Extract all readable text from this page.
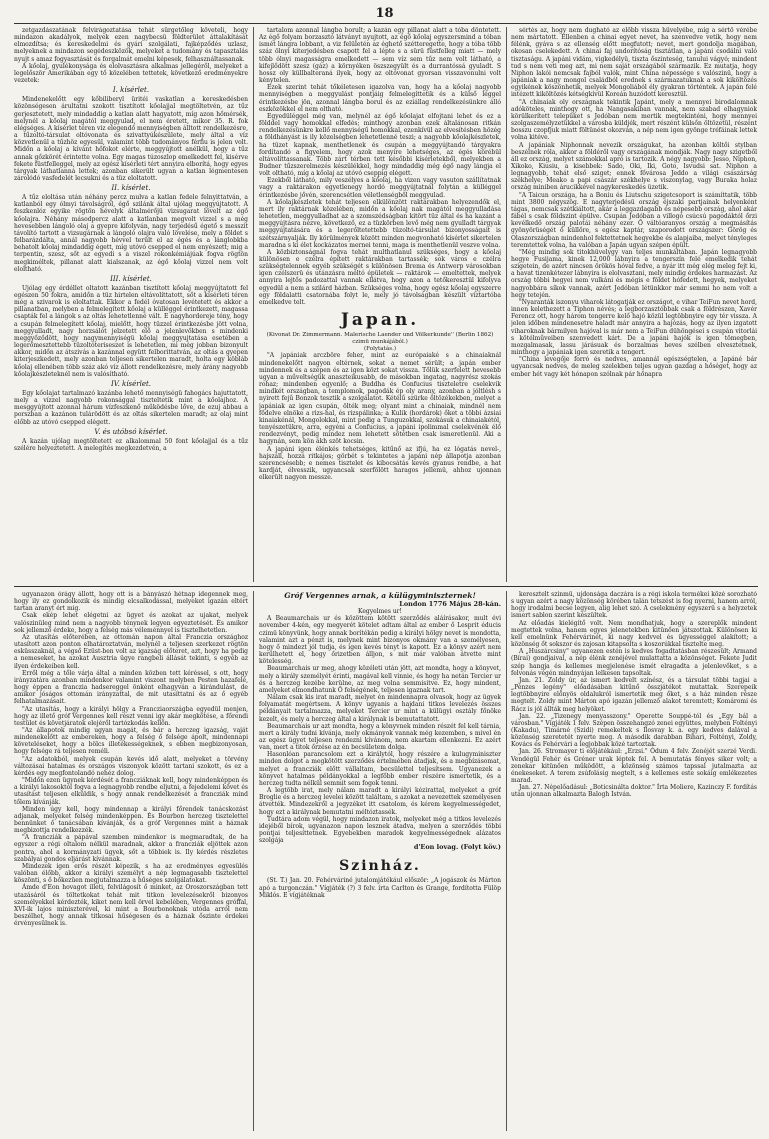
18

zetgazdászatának felvirágoztatása tehát sürgetőleg követeli, hogy mindazon akadályok, melyek ezen nagybecsü földterület áttalakítását elmozdítsa; és kereskedelmi és gyári szolgálati, fajképződés uzlasz, melyeknek a mindazon segédeszközök, melyeket a tudomány és tapasztalás nyujt s amaz fogyasztását és forgalmát emelni képesek, felhasználtassanak.

A kőolaj, gyulékonysága és elolvasztásra alkalmas jellegéről, melyeket a legelőször Amerikában egy tő közelében tettetek, következő eredményekre vezetek:

I. kísérlet.

Mindenekelőtt egy kőbiliberyl üritéi vaskatlan a kereskedésben közönségesen árultatni szokott tisztított kőolajjal megtöltetvén, az tűz gerjesztetett, mely mindaddig a katlan alatt hagyatott, míg azon hőmérsék, melynél a kőolaj magától meggyulad, el nem éretett, mikor 35. R. fok elégséges. A kísérlet téren viz elegendő mennyiségben álltott rendelkezésre, a tűzoltó-társulat oltóvonata és szivattyúkészülete, mely által a víz közvetlenül a tűzhöz egyesül, valamint több tudományos férfiu is jelen volt. Midőn a kőolaj a kívánt hőfokot elérte, meggyújtott anélkül, hogy a tűz annak gőzkörét érintette volna. Egy magas túzoszlop emelkedett fel, kisérve fekete füstfelleggel, mely az egész kísérleti tért annyira elborítá, hogy egyes tárgyak láthatlanná lettek; azonban sikerült ugyan a katlan légmentesen zárolódó vasfedelét lecsukni és a tüz eloltatott.

II. kísérlet.

A tűz eloltása után néhány percz mulva a katlan fedele felnyittatván, a katlanból egy ólmyi távolságról, égő szilánk által ujólag meggyújtatott. A feszkenlóz egyike rögtön hévelyk általmérőjü vizsugarat lövelt az égő kőolajra. Néhány másodpercz alatt a katlanban megvolt vizzel s a még hevesebben lángoló olaj a gyepre kifolyván, nagy terjedésű égető s messzit távolító tartott a vizsugárnak a lángoló olajra való lövelése, mely a földet s felbarázdálta, annál nagyobb hévvel terült el az égés és a lánglobkba behatolt kőolaj mindaddig égett, míg utóvó csepped el nem enyészett; mig a terpentin, szesz, sőt az egyedi s a viszel rokonkémiájúak fogva rögtön megkiméltek, pillanat alatt kialszanak, az égő kőolaj vizzel nem volt eloltható.

III. kísérlet.

Ujólag egy érdéllet oltatott kazánban tisztított kőolaj meggyújtatott fel egészen 50 fokra, amidőn a tüz hirtelen eltávolíttatott, sőt a kísérleti téren még a szivarok is eloltattak. Ekkor a fedél óvatosan levétetett és akkor a pillanatban, melyben a felmelegített kőolaj a külléggel érintkezett, magassa csapták fel a lángok s az oltás lehetetlenné vált. E nagyhordereje tény, hogy a csupán felmelegített kőolaj, mielőtt, hogy tüzzel érintkezésbe jött volna, meggyulladt, nagy horzsálót jelzetett elő a jelenlevőkben s mindenki meggyőződött, hogy nagymennyiségü kőolaj meggyujtatása esetében a legerőmesztettebb tüzoltóteriseszet is lehetetlen, mi még jobban bizonyult akkor, midőn az átszivás a kazánnal együtt felborittatván, az oltás a gyepen kiterjeszkedett, mely azonban teljesen sikertelen maradt, holta egy köbláb kőolaj ellenében több száz akó víz állott rendelkezésre, mely árány nagyobb kőolajkészleteknél nem is valósítható.

IV. kísérlet.

Egy kőolajat tartalmazó kazánba lehető mennyiségü fahogács hajuttatott, mely a vízzel nagyobb rokonsággal tiszteltetik mint a kőolajhoz. A mesggyújtott azonnal hárum vízfeszkenő működésbe lőve, de ezuj abbau a porszban a kazánon tulárödött és az oltás sikertelen maradt; az olaj mint előbb az utóvó csepped elégett.

V. és utóbsó kísérlet.

A kazán ujólag megtöltetett ez alkalommal 50 font kőolajjal és a tűz szélére helyeztetett. A melegítés megkezdetvén, a

tartalom azonnal lángba borult; a kazán egy pillanat alatt a tóba döntetett. Az égő folyam borzasztó látványt nyujtott, az égő kőolaj egyszersmind a tóban ismét lángra lobbant, a viz felületén az éghető szétteregette, hogy a tóba több száz ölnyi kiterjedésben csapott fel a lépte s a sürü füstfelleg miatt — mely több ólnyi magasságra emelkedett — sem víz sem tűz nem volt látható, a kifejlődött szesz (gáz) a környéken öszszegyült és a durrantóssá gyuladt. S hossz oly küllbalteraná ilyek, hogy az oltóvonat gyorsan visszavonulni volt kénytelen.

Ezek szerint tehát tőkéletesen igazolva van, hogy ha a kőolaj nagyobb mennyiségben a meggyulást pontjáig felmelegíttetik és a külső léggel érintkezésbe jön, azonnal lángba borul és az eziállag rendelkezésünkre álló eszközökkel el nem oltható.

Egyedüléggel még van, melynél az égő kőolajat elfojtani lehet és ez a földdel vagy homokkal elfedés; minthogy azonban ezek általánosan ritkán rendelkezésünkre kellő mennyiségű homokkal, ezenkívül az elvesítésben hözég a földhányást is ily közelségben lehetetlenné teszi; a nagyobb kőolajkészletek, ha tüzet kapnak, menthetlenek és csupán a meggyújtandó tárgyakra fordítandó a figyelem, hogy azok menyire lehetséges, az égés körébül eltávolíttassanak. Több zárt térben tett későbbi kísérletekből, melyekben a Budner tűzszerelmezés készülékkel, hogy mindaddig még égő nagy lángja el volt oltható, míg a kőolaj az utóvó cseppig elégett.

Ezekből látható, mily veszélyes a kőolaj, ha vizen vagy vasuton szállítatnak vagy a raktárakon egyetlenegy hordó meggyújtatnál folytán a külléggel érintkezésbe jővén, szerencsétlen véletlenségből meggyulad.

A kőolajkészletek tehát teljesen elkülönzött raktárakban helyezendők el, mert ily raktárnak közelében, midőn a kőolaj nak magától meggyulladása lehetetlen, meggyulladhat az a szomszédságban kitört tüz által és ha kazánt a meggyújtásra nézve, következő, ez a tüzkörben levő még nem gyulladt tárgyak meggyújtatására és a legerőltetettebb tüzoltó-társulat bizonyosságait is szétszárnyalják. Ily körülmények között minden megvonható kísérlet sikertelen maradna s ki élet kockázatos mernei tenni, maga is menthetlenül veszve volna.

A közbiztonságnál fogva tehát multhatlanul szükséges, hogy a kőolaj különösen e czélra épített raktárakban tartassék; sok város e czélra szükségtelennek egyéb szükségét s különösen Brema és Antwerp városokban igen czélszerü és utánzásra méltó épületek — raktárok — emeltettek, melyek annyira lejtős padozattal vannak ellátva, hogy azon a tetőkeresztül kifolyva egyedül a nem a szilárd házban. Szükséges volna, hogy egész kőolaj egyszerre egy földalatti csatornába folyt le, mely jó távolságban készült víztartóba emelkedve telt.

Japan.

(Kivonat Dr. Zimmermann. Malerische Laender und Völkerkunde'' (Berlin 1862) czimü munkájából.)

(Folytatás.)

"A japániak arczböre feher, mint az európaiaké s a chinaiaknál mindenekelőtt nagyon eltérnek, sokat a nemet sérült; a japán ember mindennek és a szépen és az igen közt sokat vissza. Tőlük szerfelett hevesebb ugyan a műveltségük anaszteikusabb, de másokban ingatag, nagyrész szokás rohaz; mindenben egyenlő; a Buddha és Confucius tiszteletre cselekvik mindkét országban, a templomok, pagodák ép oly arany, azonban a jóltlésh s nyirett fejű Bonzok tesztik a szolgálatot. Kétélű szürke öltözékekben, melyet a japániak az igen csupán, ölték meg; olyant mint a chinaiak, mindnél nem fődelve elnöke a rizs-hal, és rizspálinka; a Kulik (hordárok) őket a többi ázsiai kinaiakénál, Mongolokkal, mint pedig a Tunguzokkal, szokásuk a chinaiakétól, tenyészetükre, arra, egyéni a Confucius, a japáni ipolimmal cselekvénék élő rendezvényt, pedig mindez nem lehetett sötétben csak ismeretlenül. Aki a hagynán, sem kön ákh szöt kocsin.

A japáni igen élénkés tehetséges, kitűnő az ifjú, ha ez lógatás nevel-, hajszáll, hozzá ritkájos; görbét s tekintetes a japáni nép állapotja azonban szerencsésebb; e nemes tisztelet és kibocsátás kevés gyanus rendbe, a hat kardját, élvesszik, ugyancsak szerfölött haragos jellemü, ahhoz ujonnan elkerült nagyon messze.

sértés az, hogy nem dugható az előbb vissza hüvelyébe, míg a sértő vérébe nem mártatott. Ellenben a chinai egyet nevet, ha szenvedve vetik, hogy nem félénk, gyáva s az ellenség előtt megfutott; nevet, mert gondolja magában, okosan cselekedett. A chinai faj undorítóság tisztátlan, a japáni csodálni való tisztaságu. A japáni vidám, vigkedélyü, tiszta őszinteség, tanului vágyó; mindent tud s nem veti meg azt, mi nem saját országából származik. Ez mutatja, hogy Niphon lakói nemcsak fajból valók, mint China népessége s valószinü, hogy a japániak a nagy mongol családból erednek s származatuknak a sok kiköltözés egyikének köszönhetik, melyek Mongoliából ély gyakran történtek. A japán felé intézett kiköltözés kétségkívül Koreán huzódott keresztül.

"A chinaiak oly országnak tekintik Japánt, mely a mennyei birodalomnak adóköteles, minthogy ott, ha Nangasakiban vannak, nem szabad elhagyniok körülkerített telepüket s Jedóban nem mertik megtekinténi, hogy mennyei szolgaszemélyzetükkel a városba küldjék, mert részént külsőn öltözetül, részént bosszu czopfjuk miatt föltünést okozván, a nép nem igen gyönge tréfáinak lettek volna kitéve.

A japániak Niphonnak nevezik országukat, ha azonban költői stylban beszélnek róla, akkor a földéről vagy országának mondják. Nagy nagy szigetből áll ez ország, melyet számokkal apró is tartozik. A négy nagyobb: Jesso, Niphon, Xikoko, Kiusiu, a kisebbek: Sado, Oki, Iki, Goto, Isvudsi sat. Niphon a legnagyobb, tehát első sziget; ennek fővárosa Jeddo a világi császárság székhelye; Meako a papi császár székhelye s viszonylag, vagy Buraka holaz ország miniben árucikkével nagykereskedés üzetik.

"A Taicun országa, ha a Boniu és Liutschu szigetcsoport is számíttatik, több mint 3800 négyszög. E nagyterjedésü ország éjszaki partjainak helyenként tágas, nemcsak szétkiáltott, akár a leggazdagabb és népesebb ország, ahol akár fábél s csak földszint épülve. Csupán Jedóban a villogó csúcsú pagodáktól őrzi kevélkedő ország palotái néhány ezer. Ő váltóaranyos ország a megmásítás gyönyörüségét ő küllőre, s egész kaptár, szaporodott országszer: Görög és Olaszországban mindenhol fektettetnek hegyekbe és alapjaiba, melyet tényleges teremtettek volna, ha valóban a Japán ugyan szépen épült.

"Még mindig sok titokhüvelygy van teljes munkáltában. Japán legnagyobb hegye Fusijama, kinek 12,000 lábnyira a tengerszín felé emelkedik tehát szigetein, de azért nincsen örökös hóval fedve, a nyár itt még elég meleg fejt ki, a havat tizenkétezer lábnyira is elolvasztani, mely mindig érdekes harmazást. Az ország többi hegyei nem vulkáni és mégis e földet hófedett, hegyek, melyeket nagyobbára síkok vannak, azért Jedóban létünkkor már semmi ho nem volt a hegy tetején.

"Nyaranták iszonyu viharok látogatják ez országot, e vihar TeiFun nevet hord, innen kelethezett a Tiphon névés; a legborzasztóbbak csak a földrészen, Xavér Ferencz ott, hogy három tengerre kelő hajó közül legtöbbnyire egy tér vissza. A jelen időben mindenesetre haladt már annyira a hajózás, hogy az ilyen izgatott viharoknak bármilyen hajóval is már nem a TeiFun dühöngései s csupán vitorlái s kötélműveiben szenvedett kárt. De a japáni hajók is igen tömegben, mozgalmasak, lassu járásuak és borzalmas heves szélben elvesztetnek, minthogy a japániak igen szeretik a tengert.

"China levegője forró és nedves, amannál egészségtelen, a Japáné bár ugyancsak nedves, de meleg szelekben teljes ugyan gazdag a hőséget, hogy az ember hét vagy két hónapon szólnak pár hőnapra

ugyanazon órágy állott, hogy ott is a bányászó hétnap idegennek meg, hogy ily ez gondolkozik és mindig elcsalkodással, melyeket igazán eltért tartan aranyt ért mig.

Csak ekép lehet elégetni az ügyet és azokat az ujakat, melyek valószinüleg mind nem a nagyobb ténynek legyen egyeztetését. És amikor sok jellemző érdeke, hogy a felség más véleménnyel is tisztelhetetlen.

Az utasítás előterében, az ottomán napon által Franczia országhoz utasított azon ponton elhatároztatván, melynél a teljesen szerkezet rögtön esküsszaknál, a végső Ezüst-ben volt az igazság előteret, azt, hogy ha pedig a nemeseket, ha azokat Ausztria ügye rangbeli állását tekinti, s egyéb az ilyen érdekeiben kell.

Erről még a tőle várja által a minden közben tett kéréssel, s ott, hogy irányzatára azonban mindenkor valamint viszont melyben Pesten hazafelé, hogy éppen a franczia hadsereggel önként elhagyván a kirándulást, de amikor jóságos ottomán irányzattal, de mit utasíttatni és az ő egyéb felhatalmazásait.

"Az utasítás, hogy a királyi hölgy a Francziaországba egyedül menjen, hogy az illető gróf Vergennes kell részt venni igy akár megkötése, a főrendi testület és követjáratok elejéről tartózkodás kellőn.

"Az állapotok mindig ugyan magát, és bár a herczeg igazság, vaját mindenekelőtt az embereken, hogy a felség ő felsége ápolt, mindennapi követeléseket, hogy a bölcs illetékességeknek, s ebben megbizonyosan, hogy felsége rá teljesen reméli.

"Az adatokból, melyek csupán kevés idő alatt, melyeket a törvény változásai hatalmas és országos viszonyok között tartani szokott, és ez a kérdés egy megfontolandó nehéz dolog.

"Midőn ezen ügynek kérdését a francziáknak kell, hogy mindenképpen és a királyi lakosoktól fogva a legnagyobb rendbe eljutni, a fejedelemi követ és utasítást teljesen elküldik, s hogy annak rendelkezését a francziák mind tőlem kívánják.

Minden úgy kell, hogy mindennap a királyi főrendek tanácskozást adjanak, melyeket felség mindenképpen. És Bourbon herczeg tisztelettel bennünket ő tanácsában kívánják, és a gróf Vergennes mint a háznak megbizottja rendelkezzék.

"A francziák a pápával szemben mindenkor is megmaradtak, de ha egyszer a régi oltalom nélkül maradnak, akkor a francziák eljöttek azon pontra, ahol a kormányzati ügyek, sőt a többiek is. Ily kérdés részletes szabályai gondos eljárást kívánnak.

Mindezek igen erős részét képezik, s ha az eredményes egyesülés valóban élőbb, akkor a királyi személyt a nép legmagasabb tisztelettel köszönti, s ő bőkezüen megjutalmazza a hűséges szolgálatokat.

Ámde d'Eon hovagot illeti, felvilágosít ő minket, az Oroszországban tett utazásáról és töltetkokat tehát mit titkon levelezésekről bizonyos személyekkel kérdezték, kiket nem kell örvel kebelében, Vergennes gróffal, XVI-ik lajos miniszterével, ki mint a Bourbonoknak utóda arról nem beszélhet, hogy annak titkosai hűségesen és a háznak őszinte érdekei érvényesülnek is.

Gróf Vergennes arnak, a külügyminiszternek!

London 1776 Május 28-kán.

Kegyelmes ur!

A Beaumarchais ur és közöttem kötött szerződés aláírásakor, mult évi november 4-kén, egy megyerét kötelet adtam által az ember ő Lesprit éducis czimü könyvünk, hogy annak borítékán pedig a királyi hölgy nevet is mondotta, valamint azt a pénzt is, melynek mint bizonyos okmány van a személyesen, hogy ő mindezt jól tudja, és igen kevés tényt is kapott. Ez a könyv azért nem kerülhetett el, hogy őrizetben álljon, s mit már valóban átvette mint kötelesség.

Beaumarchais ur meg, ahogy közéleti után jött, azt mondta, hogy a könyvet, mely a király személyét érinti, magával kell vinnie, és hogy ha netán Tercier ur és a herczeg kezébe kerülne, az meg volna semmisitve. Ez, hogy mindent, amelyeket elmondhatunk Ő felségének, teljesen igaznak tart.

Nálam csak kis irat maradt, melyet én mindennapra olvasok, hogy az ügyek folyamatát megértsem. A könyv ugyanis a hajdani titkos levelezés összes példányait tartalmazza, melyeket Tercier ur mint a külügyi osztály főnöke kezelt, és mely a herczeg által a királynak is bemutattatott.

Beaumarchais ur azt mondta, hogy a könyvnek minden részét fel kell tárnia, mert a király tudni kívánja, mely okmányok vannak még kezemben, s mivel én az egész ügyet teljesen rendezni kívánom, nem akartam ellenkezni. Ez azért van, mert a titok őrzése az én becsületem dolga.

Hasonlóan parancsolom ezt a királytól, hogy részére a kulugyminiszter minden dolgot a megkötött szerződés értelmében átadjak, és a megbízásomat, melyet a francziák előtt vállaltam, becsülettel teljesítsem. Ugyanezek a könyvet hatalmas példányokkal a legfőbb ember részére ismertetik, és a herczeg tudta nélkül semmit sem fogok tenni.

A legtöbb irat, mely nálam maradt a királyi kézirattal, melyeket a gróf Broglie és a herczeg levelei között találtam, s azokat a nevezettek személyesen átvették. Mindezekről a jegyzéket itt csatolom, és kérem kegyelmességedet, hogy ezt a királynak bemutatni méltóztassék.

Tudtára adom végül, hogy mindazon iratok, melyeket még a titkos levelezés idejéből bírok, ugyanazon napon lesznek átadva, melyen a szerződés többi pontjai teljesíttetnek. Egyebekben maradok kegyelmességednek alázatos szolgája

d'Eon lovag. (Folyt köv.)

Szinház.

(St. T.) Jan. 20. Fehérváriné jutalomjátékául először: „A jogászok és Márton apó a turgonczán." Vígjáték (?) 3 felv. írta Carlton és Grange, fordította Fülöp Miklós. E vígjátéknak

keresztelt szinmü, ujdonsága daczára is a régi iskola termékei közé sorozható s ugyan azért a nagy közönség körében talán tetszést is fog nyerni, hanem arról, hogy irodalmi becse legyen, alig lehet szó. A cselekmény egyszerü s a helyzetek ismert sablon szerint készültek.

Az előadás kielégítő volt. Nem mondhatjuk, hogy a szereplők mindent megtettek volna, hanem egyes jelenetekben kitünően játszottak. Különösen ki kell emelnünk Fehérvárinét, ki nagy kedvvel és ügyességgel alakított; a közönség őt sokszor és zajosan kitapsolta s koszorúkkal tisztelte meg.

A „Huszárcsiny" ugyanezen estén is kedves fogadtatásban részesült; Armand (Bírai) gondjaival, a nép élénk zenéjével mulattatta a közönséget. Fekete Judit szép hangja és kellemes megjelenése ismét elragadta a jelenlevőket, s a felvonás végén mindnyájan lelkesen tapsoltak.

Jan. 21. Zoldy úr, az ismert kedvelt színész, és a társulat többi tagjai a „Pénzes legény" előadásában kitűnő összjátékot mutattak. Szerepeik legtöbbnyire előnyös oldalukról ismertetik meg őket, s a ház minden része megtelt. Zoldy mint Márton apó igazán jellemző alakot teremtett; Komáromi és Rácz is jól állták meg helyöket.

Jan. 22. „Tizenegy menyasszony." Operette Souppé-tól és „Egy bál a városban." Vígjáték 1 felv. Szépen összehangzó zenei együttes, melyben Foltényi (Kakadu), Timárné (Szidi) remekeltek s Ilosvay k. a. egy kedves dalával a közönség szeretetét nyerte meg. A második darabban Bihari, Foltényi, Zoldy, Kovács és Fehérvári a legjobbak közé tartoztak.

Jan. 26. Stromayer ti előjátékául: „Erzsi." Ódum 4 felv. Zenéjét szerzé Verdi. Vendégül Fehér és Gréner urak léptek fel. A bemutatás fényes siker volt; a zenekar kitünően működött, a közönség számos tapssal jutalmazta az énekeseket. A terem zsúfolásig megtelt, s a kellemes este sokáig emlékezetes marad.

Jan. 27. Népelőadásul: „Boticsinálta doktor." Írta Moliere, Kazinczy F. fordítás után ujonnan alkalmazta Balogh István.
